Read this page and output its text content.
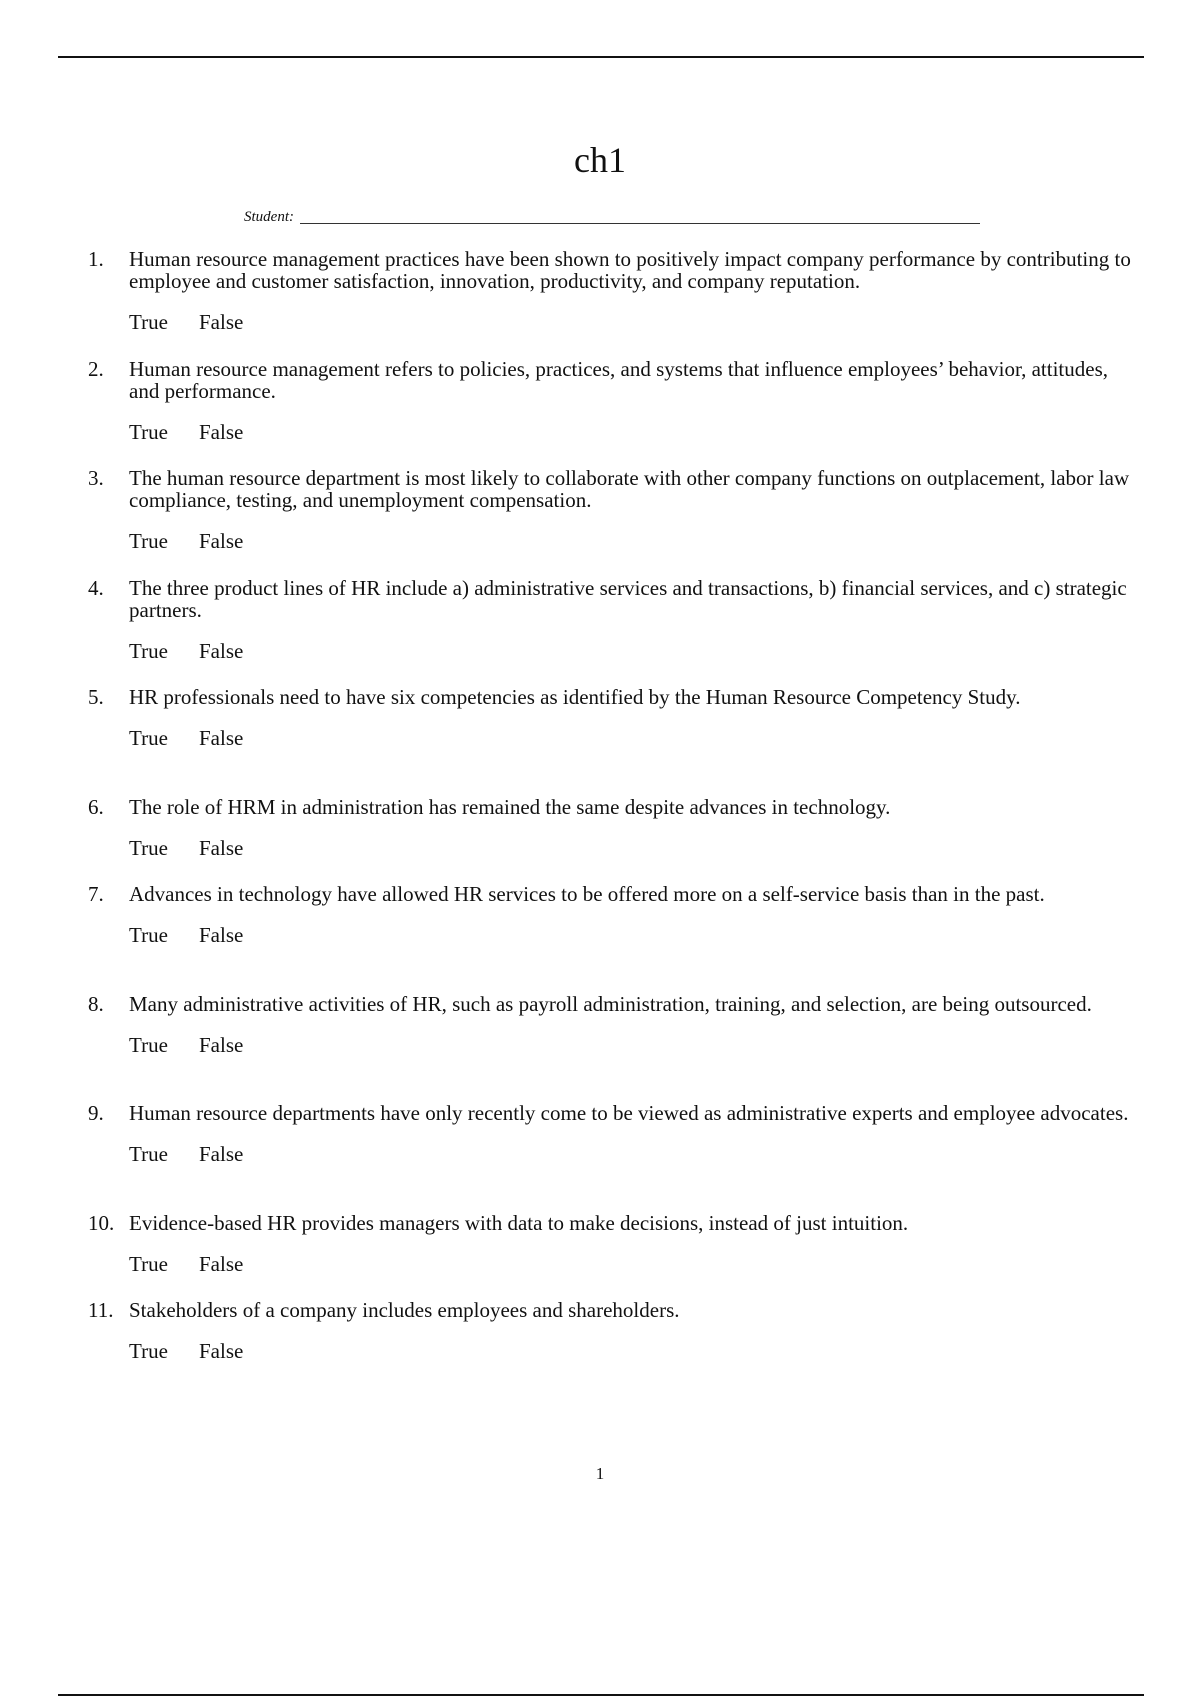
ch1
Student:
1.	Human resource management practices have been shown to positively impact company performance by contributing to employee and customer satisfaction, innovation, productivity, and company reputation.

True False
2.	Human resource management refers to policies, practices, and systems that influence employees’ behavior, attitudes, and performance.

True False
3.	The human resource department is most likely to collaborate with other company functions on outplacement, labor law compliance, testing, and unemployment compensation.

True False
4.	The three product lines of HR include a) administrative services and transactions, b) financial services, and c) strategic partners.

True False
5.	HR professionals need to have six competencies as identified by the Human Resource Competency Study.

True False
6.	The role of HRM in administration has remained the same despite advances in technology.

True False
7.	Advances in technology have allowed HR services to be offered more on a self-service basis than in the past.

True False
8.	Many administrative activities of HR, such as payroll administration, training, and selection, are being outsourced.

True False
9.	Human resource departments have only recently come to be viewed as administrative experts and employee advocates.

True False
10. Evidence-based HR provides managers with data to make decisions, instead of just intuition.

True False
11. Stakeholders of a company includes employees and shareholders.

True False
1
